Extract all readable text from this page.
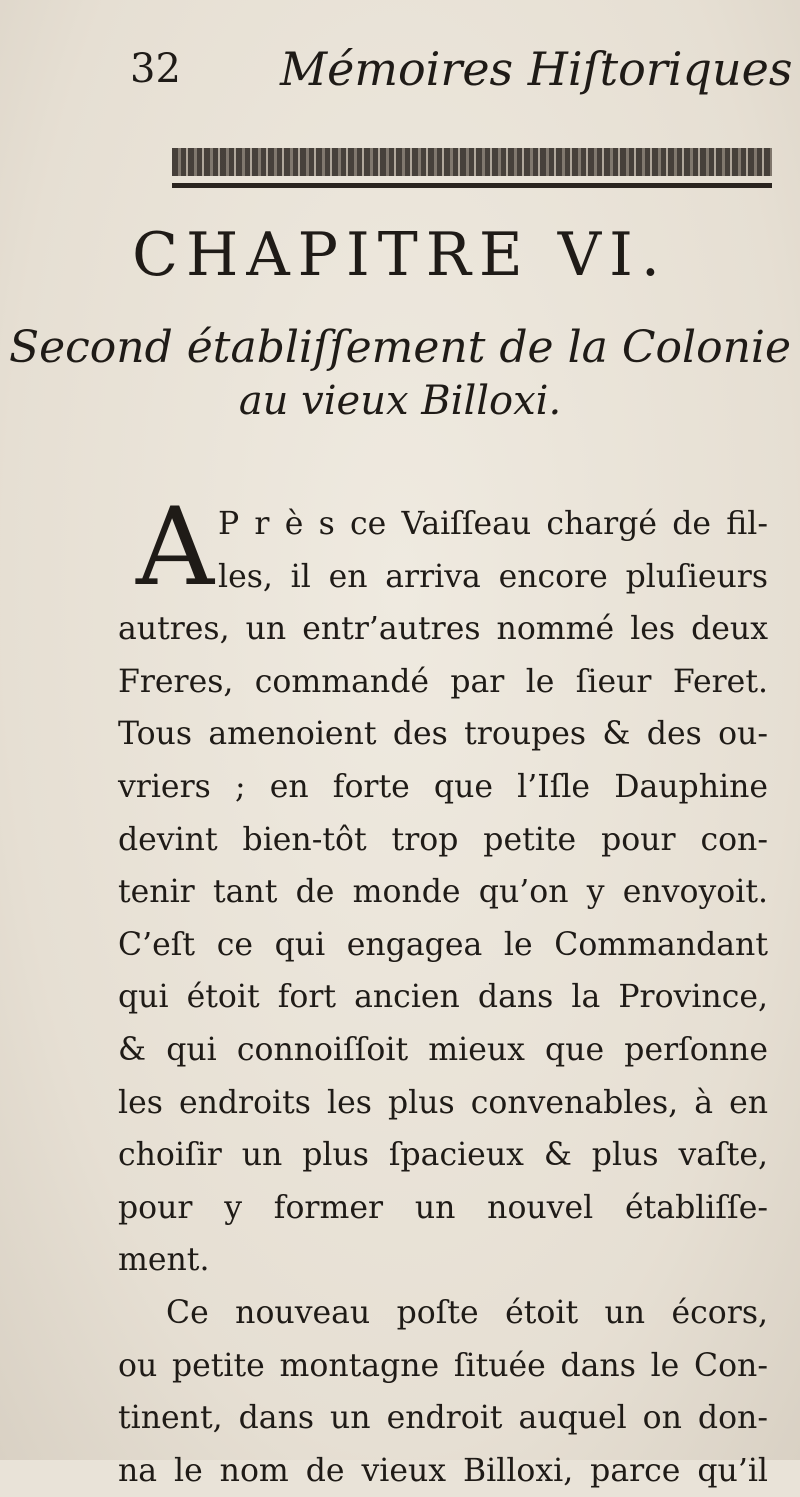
32 Mémoires Hiſtoriques
CHAPITRE VI.
Second établiſſement de la Colonie
au vieux Billoxi.
A P r è s ce Vaiſſeau chargé de fil-
les, il en arriva encore pluſieurs
autres, un entr’autres nommé les deux
Freres, commandé par le ſieur Feret.
Tous amenoient des troupes & des ou-
vriers ; en forte que l’Iſle Dauphine
devint bien-tôt trop petite pour con-
tenir tant de monde qu’on y envoyoit.
C’eſt ce qui engagea le Commandant
qui étoit fort ancien dans la Province,
& qui connoiſſoit mieux que perſonne
les endroits les plus convenables, à en
choiſir un plus ſpacieux & plus vaſte,
pour y former un nouvel établiſſe-
ment.
Ce nouveau poſte étoit un écors,
ou petite montagne ſituée dans le Con-
tinent, dans un endroit auquel on don-
na le nom de vieux Billoxi, parce qu’il
